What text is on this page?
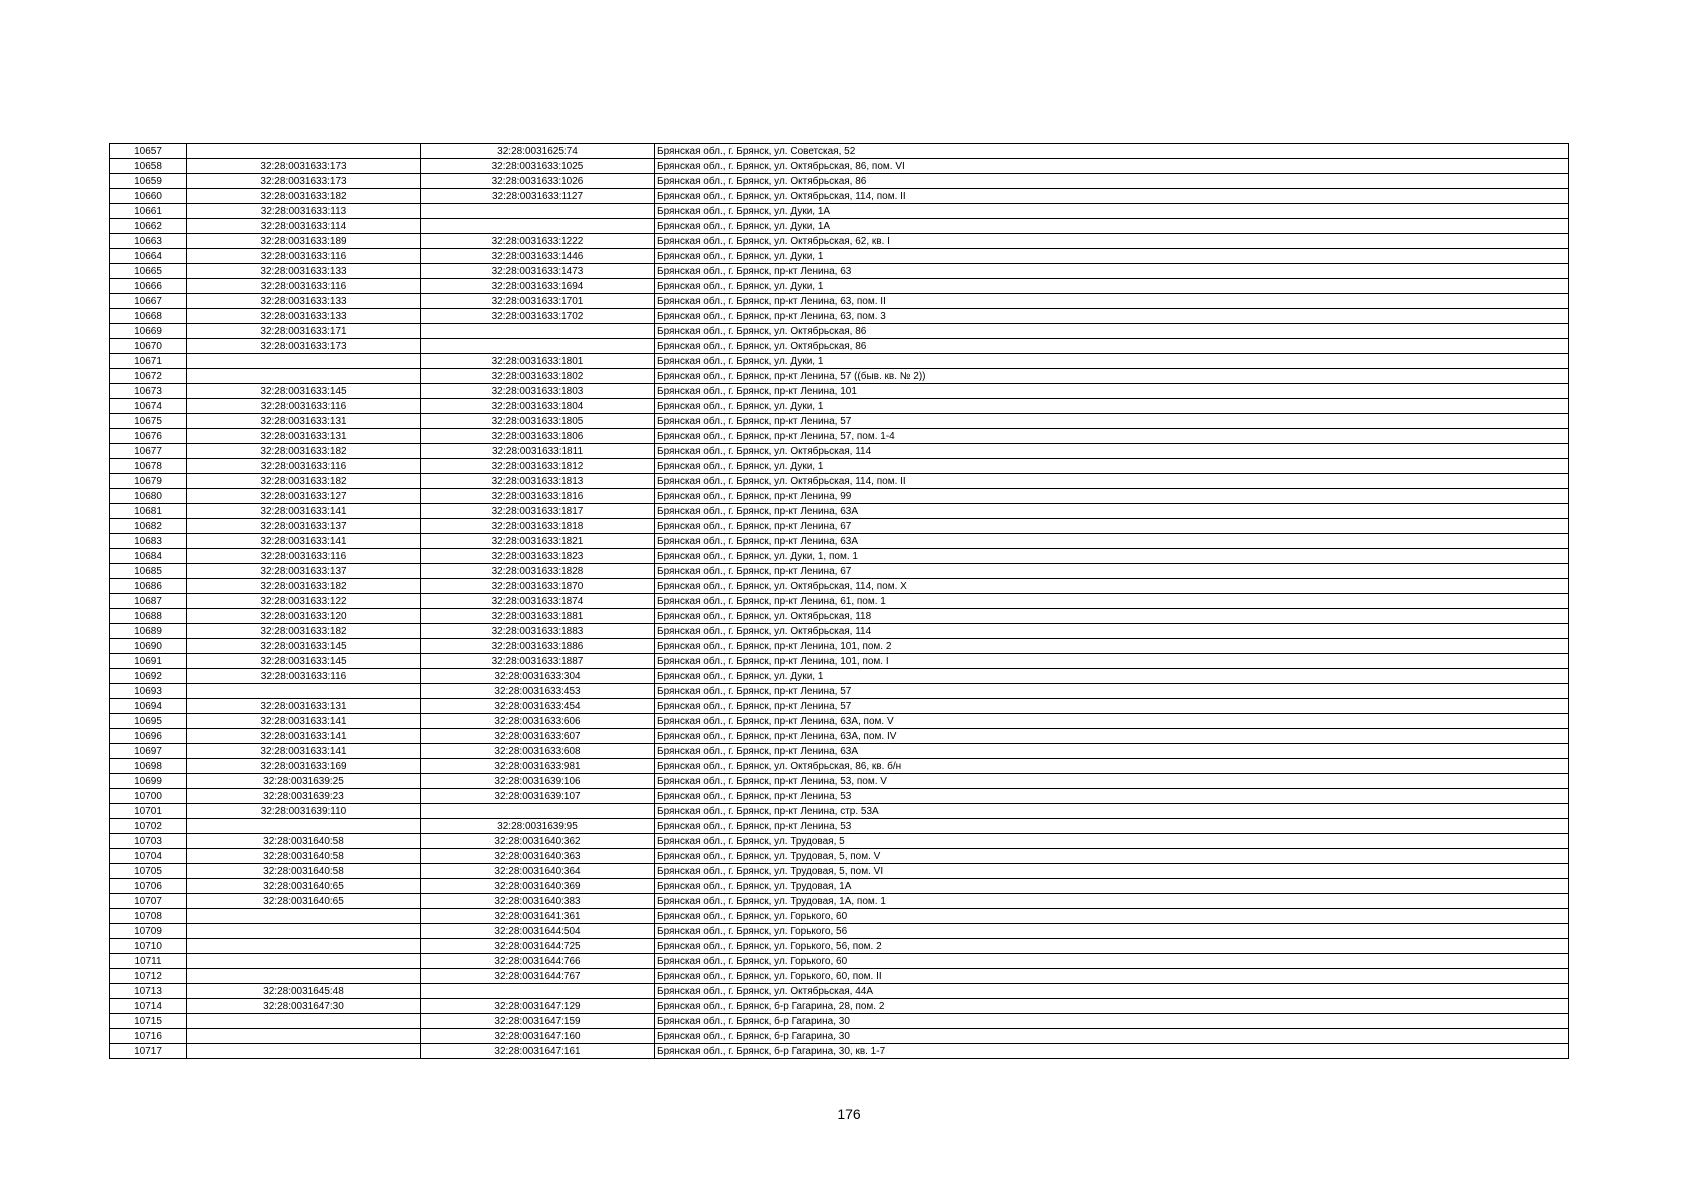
10657		32:28:0031625:74	Брянская обл., г. Брянск, ул. Советская, 52
10658	32:28:0031633:173	32:28:0031633:1025	Брянская обл., г. Брянск, ул. Октябрьская, 86, пом. VI
10659	32:28:0031633:173	32:28:0031633:1026	Брянская обл., г. Брянск, ул. Октябрьская, 86
10660	32:28:0031633:182	32:28:0031633:1127	Брянская обл., г. Брянск, ул. Октябрьская, 114, пом. II
10661	32:28:0031633:113		Брянская обл., г. Брянск, ул. Дуки, 1А
10662	32:28:0031633:114		Брянская обл., г. Брянск, ул. Дуки, 1А
10663	32:28:0031633:189	32:28:0031633:1222	Брянская обл., г. Брянск, ул. Октябрьская, 62, кв. I
10664	32:28:0031633:116	32:28:0031633:1446	Брянская обл., г. Брянск, ул. Дуки, 1
10665	32:28:0031633:133	32:28:0031633:1473	Брянская обл., г. Брянск, пр-кт Ленина, 63
10666	32:28:0031633:116	32:28:0031633:1694	Брянская обл., г. Брянск, ул. Дуки, 1
10667	32:28:0031633:133	32:28:0031633:1701	Брянская обл., г. Брянск, пр-кт Ленина, 63, пом. II
10668	32:28:0031633:133	32:28:0031633:1702	Брянская обл., г. Брянск, пр-кт Ленина, 63, пом. 3
10669	32:28:0031633:171		Брянская обл., г. Брянск, ул. Октябрьская, 86
10670	32:28:0031633:173		Брянская обл., г. Брянск, ул. Октябрьская, 86
10671		32:28:0031633:1801	Брянская обл., г. Брянск, ул. Дуки, 1
10672		32:28:0031633:1802	Брянская обл., г. Брянск, пр-кт Ленина, 57 ((быв. кв. № 2))
10673	32:28:0031633:145	32:28:0031633:1803	Брянская обл., г. Брянск, пр-кт Ленина, 101
10674	32:28:0031633:116	32:28:0031633:1804	Брянская обл., г. Брянск, ул. Дуки, 1
10675	32:28:0031633:131	32:28:0031633:1805	Брянская обл., г. Брянск, пр-кт Ленина, 57
10676	32:28:0031633:131	32:28:0031633:1806	Брянская обл., г. Брянск, пр-кт Ленина, 57, пом. 1-4
10677	32:28:0031633:182	32:28:0031633:1811	Брянская обл., г. Брянск, ул. Октябрьская, 114
10678	32:28:0031633:116	32:28:0031633:1812	Брянская обл., г. Брянск, ул. Дуки, 1
10679	32:28:0031633:182	32:28:0031633:1813	Брянская обл., г. Брянск, ул. Октябрьская, 114, пом. II
10680	32:28:0031633:127	32:28:0031633:1816	Брянская обл., г. Брянск, пр-кт Ленина, 99
10681	32:28:0031633:141	32:28:0031633:1817	Брянская обл., г. Брянск, пр-кт Ленина, 63А
10682	32:28:0031633:137	32:28:0031633:1818	Брянская обл., г. Брянск, пр-кт Ленина, 67
10683	32:28:0031633:141	32:28:0031633:1821	Брянская обл., г. Брянск, пр-кт Ленина, 63А
10684	32:28:0031633:116	32:28:0031633:1823	Брянская обл., г. Брянск, ул. Дуки, 1, пом. 1
10685	32:28:0031633:137	32:28:0031633:1828	Брянская обл., г. Брянск, пр-кт Ленина, 67
10686	32:28:0031633:182	32:28:0031633:1870	Брянская обл., г. Брянск, ул. Октябрьская, 114, пом. X
10687	32:28:0031633:122	32:28:0031633:1874	Брянская обл., г. Брянск, пр-кт Ленина, 61, пом. 1
10688	32:28:0031633:120	32:28:0031633:1881	Брянская обл., г. Брянск, ул. Октябрьская, 118
10689	32:28:0031633:182	32:28:0031633:1883	Брянская обл., г. Брянск, ул. Октябрьская, 114
10690	32:28:0031633:145	32:28:0031633:1886	Брянская обл., г. Брянск, пр-кт Ленина, 101, пом. 2
10691	32:28:0031633:145	32:28:0031633:1887	Брянская обл., г. Брянск, пр-кт Ленина, 101, пом. I
10692	32:28:0031633:116	32:28:0031633:304	Брянская обл., г. Брянск, ул. Дуки, 1
10693		32:28:0031633:453	Брянская обл., г. Брянск, пр-кт Ленина, 57
10694	32:28:0031633:131	32:28:0031633:454	Брянская обл., г. Брянск, пр-кт Ленина, 57
10695	32:28:0031633:141	32:28:0031633:606	Брянская обл., г. Брянск, пр-кт Ленина, 63А, пом. V
10696	32:28:0031633:141	32:28:0031633:607	Брянская обл., г. Брянск, пр-кт Ленина, 63А, пом. IV
10697	32:28:0031633:141	32:28:0031633:608	Брянская обл., г. Брянск, пр-кт Ленина, 63А
10698	32:28:0031633:169	32:28:0031633:981	Брянская обл., г. Брянск, ул. Октябрьская, 86, кв. б/н
10699	32:28:0031639:25	32:28:0031639:106	Брянская обл., г. Брянск, пр-кт Ленина, 53, пом. V
10700	32:28:0031639:23	32:28:0031639:107	Брянская обл., г. Брянск, пр-кт Ленина, 53
10701	32:28:0031639:110		Брянская обл., г. Брянск, пр-кт Ленина, стр. 53А
10702		32:28:0031639:95	Брянская обл., г. Брянск, пр-кт Ленина, 53
10703	32:28:0031640:58	32:28:0031640:362	Брянская обл., г. Брянск, ул. Трудовая, 5
10704	32:28:0031640:58	32:28:0031640:363	Брянская обл., г. Брянск, ул. Трудовая, 5, пом. V
10705	32:28:0031640:58	32:28:0031640:364	Брянская обл., г. Брянск, ул. Трудовая, 5, пом. VI
10706	32:28:0031640:65	32:28:0031640:369	Брянская обл., г. Брянск, ул. Трудовая, 1А
10707	32:28:0031640:65	32:28:0031640:383	Брянская обл., г. Брянск, ул. Трудовая, 1А, пом. 1
10708		32:28:0031641:361	Брянская обл., г. Брянск, ул. Горького, 60
10709		32:28:0031644:504	Брянская обл., г. Брянск, ул. Горького, 56
10710		32:28:0031644:725	Брянская обл., г. Брянск, ул. Горького, 56, пом. 2
10711		32:28:0031644:766	Брянская обл., г. Брянск, ул. Горького, 60
10712		32:28:0031644:767	Брянская обл., г. Брянск, ул. Горького, 60, пом. II
10713	32:28:0031645:48		Брянская обл., г. Брянск, ул. Октябрьская, 44А
10714	32:28:0031647:30	32:28:0031647:129	Брянская обл., г. Брянск, б-р Гагарина, 28, пом. 2
10715		32:28:0031647:159	Брянская обл., г. Брянск, б-р Гагарина, 30
10716		32:28:0031647:160	Брянская обл., г. Брянск, б-р Гагарина, 30
10717		32:28:0031647:161	Брянская обл., г. Брянск, б-р Гагарина, 30, кв. 1-7
176
